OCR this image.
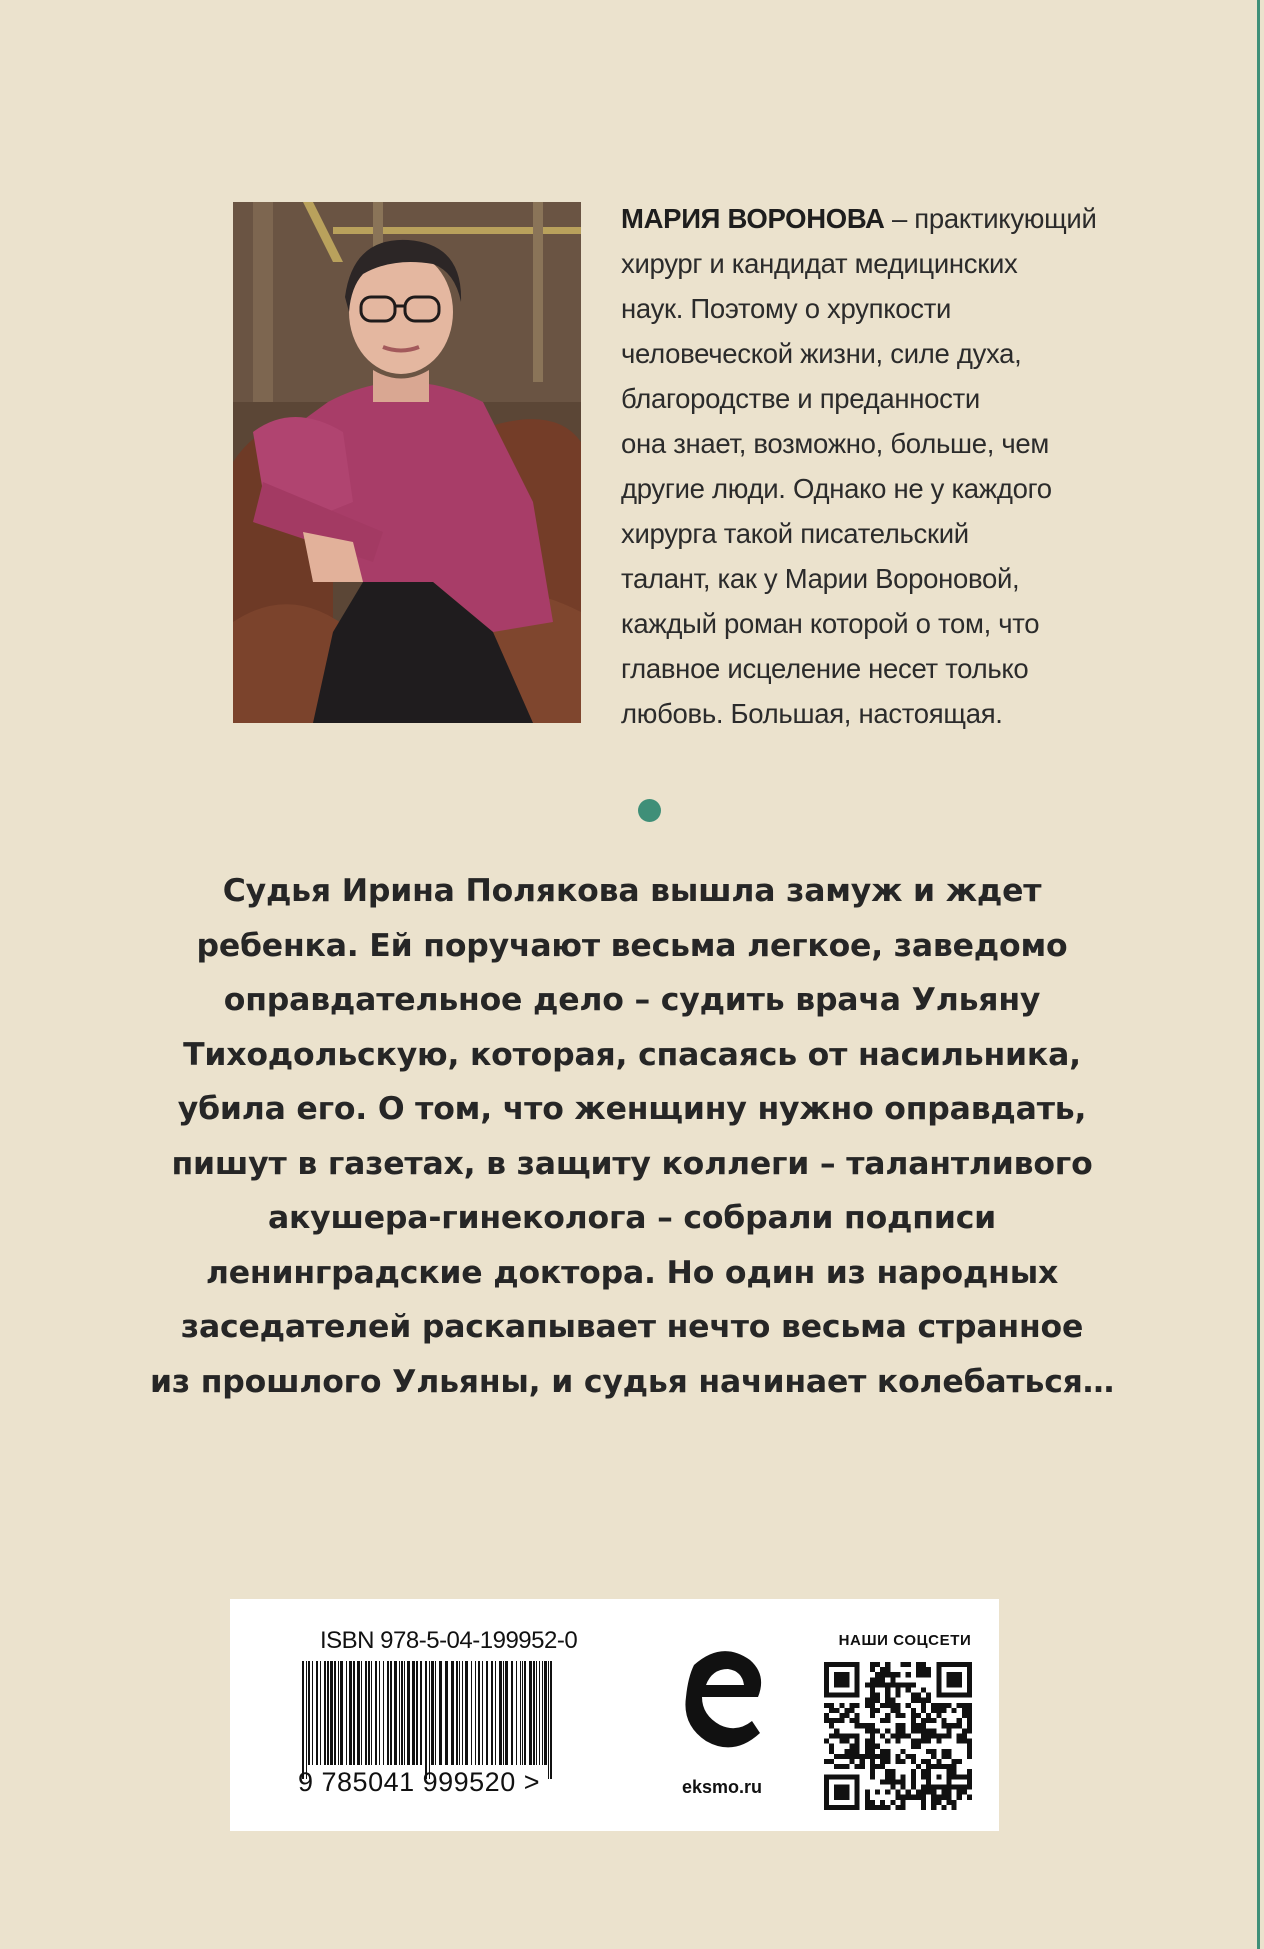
МАРИЯ ВОРОНОВА – практикующий
хирург и кандидат медицинских
наук. Поэтому о хрупкости
человеческой жизни, силе духа,
благородстве и преданности
она знает, возможно, больше, чем
другие люди. Однако не у каждого
хирурга такой писательский
талант, как у Марии Вороновой,
каждый роман которой о том, что
главное исцеление несет только
любовь. Большая, настоящая.
Судья Ирина Полякова вышла замуж и ждет
ребенка. Ей поручают весьма легкое, заведомо
оправдательное дело – судить врача Ульяну
Тиходольскую, которая, спасаясь от насильника,
убила его. О том, что женщину нужно оправдать,
пишут в газетах, в защиту коллеги – талантливого
акушера-гинеколога – собрали подписи
ленинградские доктора. Но один из народных
заседателей раскапывает нечто весьма странное
из прошлого Ульяны, и судья начинает колебаться…
ISBN 978-5-04-199952-0
9 785041 999520 >	eksmo.ru
НАШИ СОЦСЕТИ
